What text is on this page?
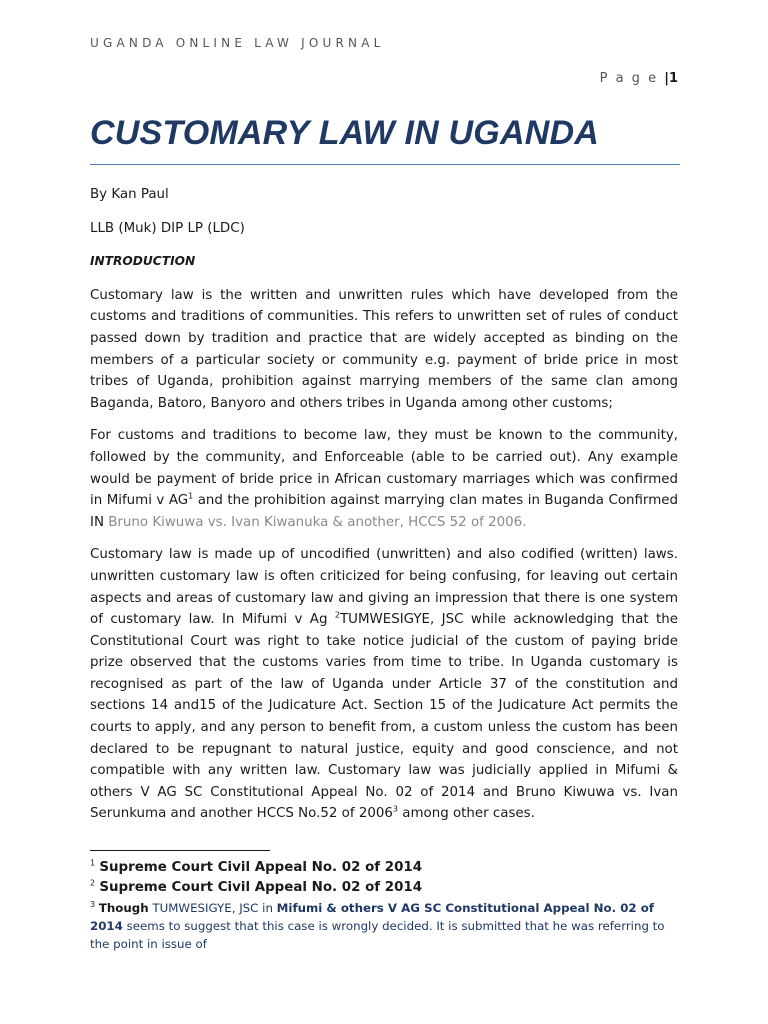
UGANDA ONLINE LAW JOURNAL
P a g e |1
CUSTOMARY LAW IN UGANDA

By Kan Paul

LLB (Muk) DIP LP (LDC)

INTRODUCTION

Customary law is the written and unwritten rules which have developed from the customs and traditions of communities. This refers to unwritten set of rules of conduct passed down by tradition and practice that are widely accepted as binding on the members of a particular society or community e.g. payment of bride price in most tribes of Uganda, prohibition against marrying members of the same clan among Baganda, Batoro, Banyoro and others tribes in Uganda among other customs;

For customs and traditions to become law, they must be known to the community, followed by the community, and Enforceable (able to be carried out). Any example would be payment of bride price in African customary marriages which was confirmed in Mifumi v $AG^1$ and the prohibition against marrying clan mates in Buganda Confirmed IN Bruno Kiwuwa vs. Ivan Kiwanuka & another, HCCS 52 of 2006.

Customary law is made up of uncodified (unwritten) and also codified (written) laws. unwritten customary law is often criticized for being confusing, for leaving out certain aspects and areas of customary law and giving an impression that there is one system of customary law. In Mifumi v Ag $^2$TUMWESIGYE, JSC while acknowledging that the Constitutional Court was right to take notice judicial of the custom of paying bride prize observed that the customs varies from time to tribe. In Uganda customary is recognised as part of the law of Uganda under Article 37 of the constitution and sections 14 and15 of the Judicature Act. Section 15 of the Judicature Act permits the courts to apply, and any person to benefit from, a custom unless the custom has been declared to be repugnant to natural justice, equity and good conscience, and not compatible with any written law. Customary law was judicially applied in Mifumi & others V AG SC Constitutional Appeal No. 02 of 2014 and Bruno Kiwuwa vs. Ivan Serunkuma and another HCCS No.52 of 2006$^3$ among other cases.

$^1$ Supreme Court Civil Appeal No. 02 of 2014

$^2$ Supreme Court Civil Appeal No. 02 of 2014

$^3$ Though TUMWESIGYE, JSC in Mifumi & others V AG SC Constitutional Appeal No. 02 of 2014 seems to suggest that this case is wrongly decided. It is submitted that he was referring to the point in issue of
